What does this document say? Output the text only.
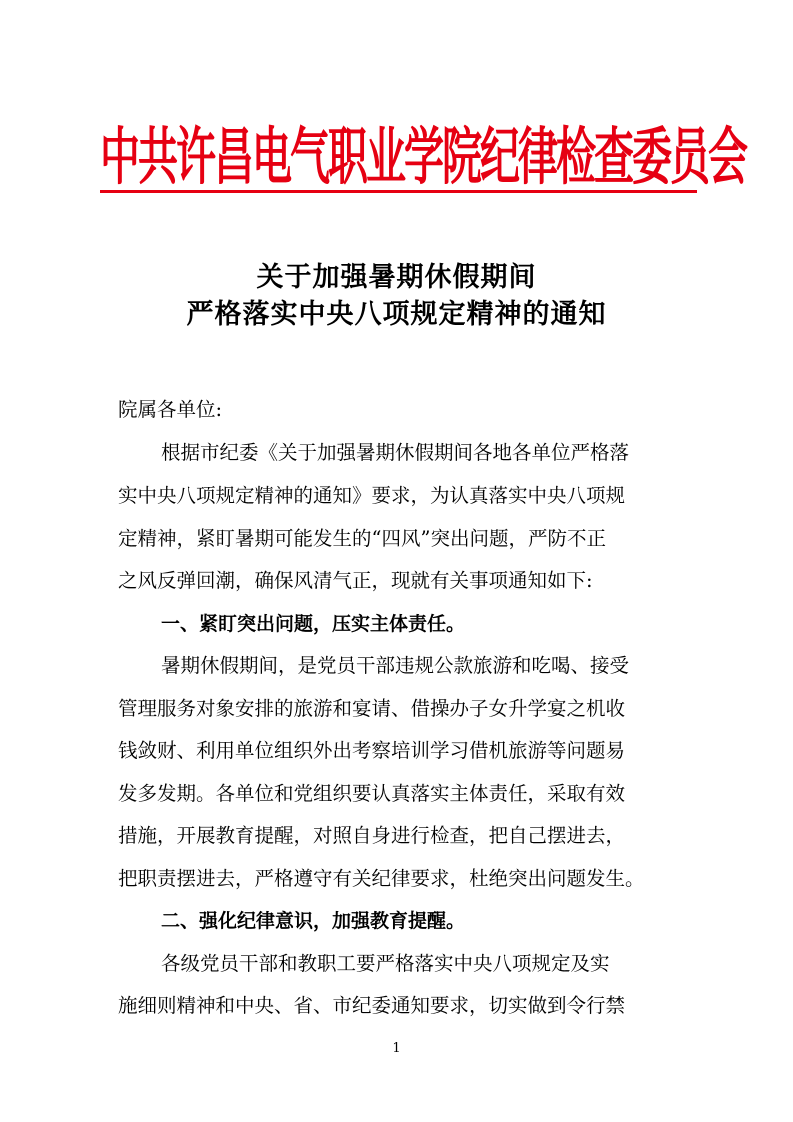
中共许昌电气职业学院纪律检查委员会
关于加强暑期休假期间
严格落实中央八项规定精神的通知
院属各单位:
根据市纪委《关于加强暑期休假期间各地各单位严格落
实中央八项规定精神的通知》要求，为认真落实中央八项规
定精神，紧盯暑期可能发生的“四风”突出问题，严防不正
之风反弹回潮，确保风清气正，现就有关事项通知如下:
一、紧盯突出问题，压实主体责任。
暑期休假期间，是党员干部违规公款旅游和吃喝、接受
管理服务对象安排的旅游和宴请、借操办子女升学宴之机收
钱敛财、利用单位组织外出考察培训学习借机旅游等问题易
发多发期。各单位和党组织要认真落实主体责任，采取有效
措施，开展教育提醒，对照自身进行检查，把自己摆进去，
把职责摆进去，严格遵守有关纪律要求，杜绝突出问题发生。
二、强化纪律意识，加强教育提醒。
各级党员干部和教职工要严格落实中央八项规定及实
施细则精神和中央、省、市纪委通知要求，切实做到令行禁
1
